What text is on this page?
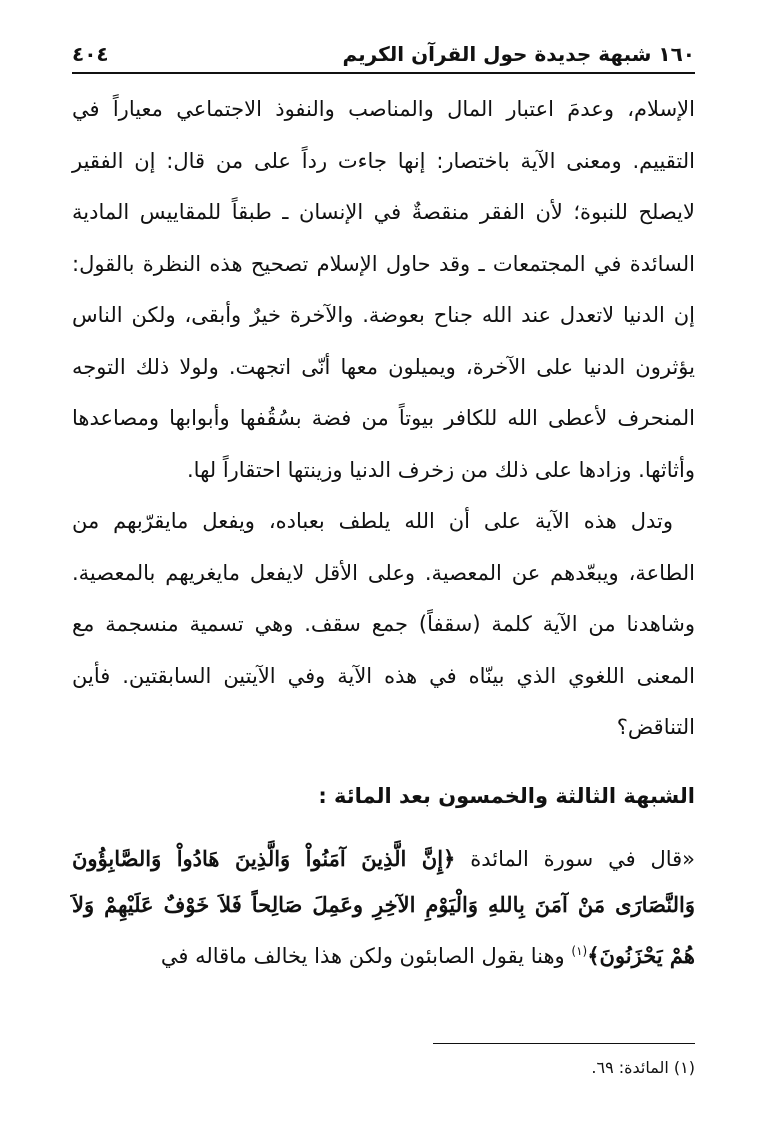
١٦٠ شبهة جديدة حول القرآن الكريم
٤٠٤

الإسلام، وعدمَ اعتبار المال والمناصب والنفوذ الاجتماعي معياراً في التقييم. ومعنى الآية باختصار: إنها جاءت رداً على من قال: إن الفقير لايصلح للنبوة؛ لأن الفقر منقصةٌ في الإنسان ـ طبقاً للمقاييس المادية السائدة في المجتمعات ـ وقد حاول الإسلام تصحيح هذه النظرة بالقول: إن الدنيا لاتعدل عند الله جناح بعوضة. والآخرة خيرٌ وأبقى، ولكن الناس يؤثرون الدنيا على الآخرة، ويميلون معها أنّى اتجهت. ولولا ذلك التوجه المنحرف لأعطى الله للكافر بيوتاً من فضة بسُقُفها وأبوابها ومصاعدها وأثاثها. وزادها على ذلك من زخرف الدنيا وزينتها احتقاراً لها.

وتدل هذه الآية على أن الله يلطف بعباده، ويفعل مايقرّبهم من الطاعة، ويبعّدهم عن المعصية. وعلى الأقل لايفعل مايغريهم بالمعصية. وشاهدنا من الآية كلمة (سقفاً) جمع سقف. وهي تسمية منسجمة مع المعنى اللغوي الذي بينّاه في هذه الآية وفي الآيتين السابقتين. فأين التناقض؟

الشبهة الثالثة والخمسون بعد المائة :
«قال في سورة المائدة ﴿إِنَّ الَّذِينَ آمَنُواْ وَالَّذِينَ هَادُواْ وَالصَّابِؤُونَ وَالنَّصَارَى مَنْ آمَنَ بِاللهِ وَالْيَوْمِ الآخِرِ وعَمِلَ صَالِحاً فَلاَ خَوْفٌ عَلَيْهِمْ وَلاَ هُمْ يَحْزَنُونَ﴾$^{(١)}$ وهنا يقول الصابئون ولكن هذا يخالف ماقاله في
(١) المائدة: ٦٩.
